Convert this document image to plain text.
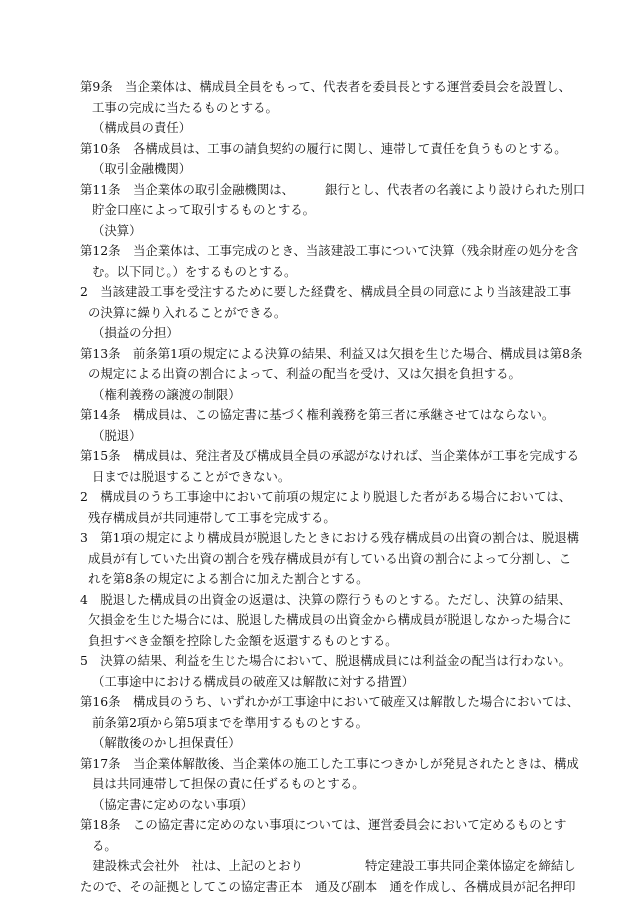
第9条　当企業体は、構成員全員をもって、代表者を委員長とする運営委員会を設置し、
工事の完成に当たるものとする。
（構成員の責任）
第10条　各構成員は、工事の請負契約の履行に関し、連帯して責任を負うものとする。
（取引金融機関）
第11条　当企業体の取引金融機関は、　　　銀行とし、代表者の名義により設けられた別口
貯金口座によって取引するものとする。
（決算）
第12条　当企業体は、工事完成のとき、当該建設工事について決算（残余財産の処分を含
む。以下同じ。）をするものとする。
2　当該建設工事を受注するために要した経費を、構成員全員の同意により当該建設工事
の決算に繰り入れることができる。
（損益の分担）
第13条　前条第1項の規定による決算の結果、利益又は欠損を生じた場合、構成員は第8条
の規定による出資の割合によって、利益の配当を受け、又は欠損を負担する。
（権利義務の譲渡の制限）
第14条　構成員は、この協定書に基づく権利義務を第三者に承継させてはならない。
（脱退）
第15条　構成員は、発注者及び構成員全員の承認がなければ、当企業体が工事を完成する
日までは脱退することができない。
2　構成員のうち工事途中において前項の規定により脱退した者がある場合においては、
残存構成員が共同連帯して工事を完成する。
3　第1項の規定により構成員が脱退したときにおける残存構成員の出資の割合は、脱退構
成員が有していた出資の割合を残存構成員が有している出資の割合によって分割し、こ
れを第8条の規定による割合に加えた割合とする。
4　脱退した構成員の出資金の返還は、決算の際行うものとする。ただし、決算の結果、
欠損金を生じた場合には、脱退した構成員の出資金から構成員が脱退しなかった場合に
負担すべき金額を控除した金額を返還するものとする。
5　決算の結果、利益を生じた場合において、脱退構成員には利益金の配当は行わない。
（工事途中における構成員の破産又は解散に対する措置）
第16条　構成員のうち、いずれかが工事途中において破産又は解散した場合においては、
前条第2項から第5項までを準用するものとする。
（解散後のかし担保責任）
第17条　当企業体解散後、当企業体の施工した工事につきかしが発見されたときは、構成
員は共同連帯して担保の責に任ずるものとする。
（協定書に定めのない事項）
第18条　この協定書に定めのない事項については、運営委員会において定めるものとす
る。
　建設株式会社外　社は、上記のとおり　　　　　特定建設工事共同企業体協定を締結し
たので、その証拠としてこの協定書正本　通及び副本　通を作成し、各構成員が記名押印
